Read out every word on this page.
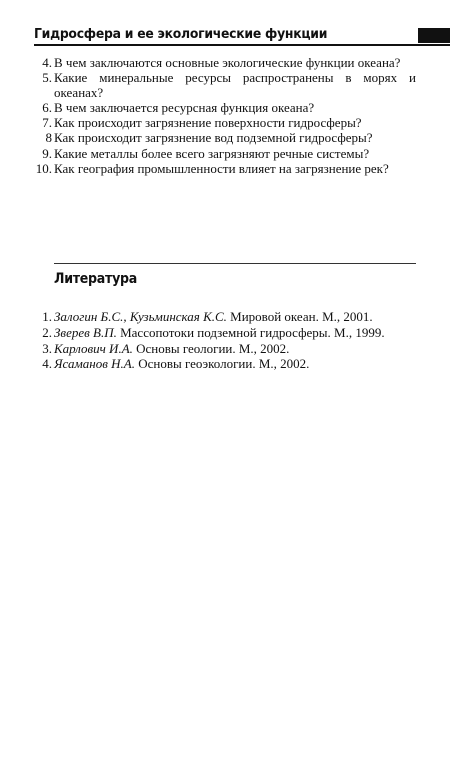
Гидросфера и ее экологические функции
4. В чем заключаются основные экологические функции океана?
5. Какие минеральные ресурсы распространены в морях и океанах?
6. В чем заключается ресурсная функция океана?
7. Как происходит загрязнение поверхности гидросферы?
8 Как происходит загрязнение вод подземной гидросферы?
9. Какие металлы более всего загрязняют речные системы?
10. Как география промышленности влияет на загрязнение рек?
Литература
1. Залогин Б.С., Кузьминская К.С. Мировой океан. М., 2001.
2. Зверев В.П. Массопотоки подземной гидросферы. М., 1999.
3. Карлович И.А. Основы геологии. М., 2002.
4. Ясаманов Н.А. Основы геоэкологии. М., 2002.
